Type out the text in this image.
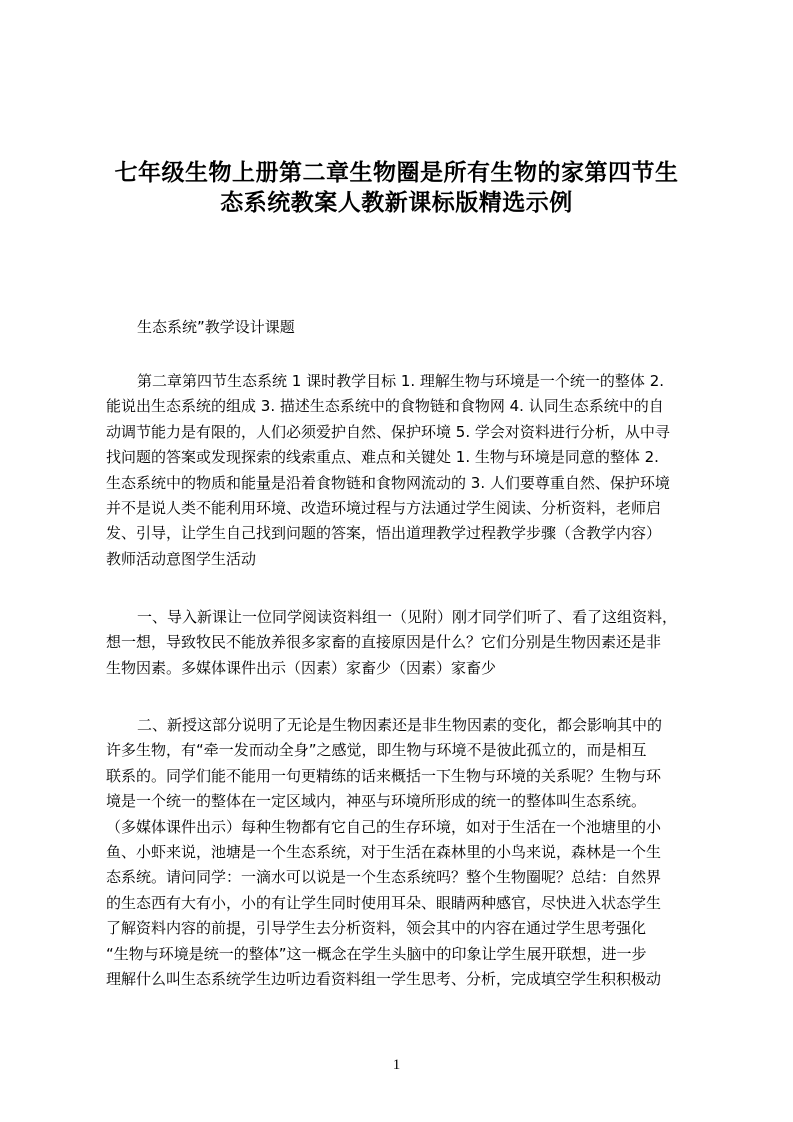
七年级生物上册第二章生物圈是所有生物的家第四节生
态系统教案人教新课标版精选示例
生态系统”教学设计课题
第二章第四节生态系统 1 课时教学目标 1. 理解生物与环境是一个统一的整体 2.
能说出生态系统的组成 3. 描述生态系统中的食物链和食物网 4. 认同生态系统中的自
动调节能力是有限的，人们必须爱护自然、保护环境 5. 学会对资料进行分析，从中寻
找问题的答案或发现探索的线索重点、难点和关键处 1. 生物与环境是同意的整体 2.
生态系统中的物质和能量是沿着食物链和食物网流动的 3. 人们要尊重自然、保护环境
并不是说人类不能利用环境、改造环境过程与方法通过学生阅读、分析资料，老师启
发、引导，让学生自己找到问题的答案，悟出道理教学过程教学步骤（含教学内容）
教师活动意图学生活动
一、导入新课让一位同学阅读资料组一（见附）刚才同学们听了、看了这组资料，
想一想，导致牧民不能放养很多家畜的直接原因是什么？它们分别是生物因素还是非
生物因素。多媒体课件出示（因素）家畜少（因素）家畜少
二、新授这部分说明了无论是生物因素还是非生物因素的变化，都会影响其中的
许多生物，有“牵一发而动全身”之感觉，即生物与环境不是彼此孤立的，而是相互
联系的。同学们能不能用一句更精练的话来概括一下生物与环境的关系呢？生物与环
境是一个统一的整体在一定区域内，神巫与环境所形成的统一的整体叫生态系统。
（多媒体课件出示）每种生物都有它自己的生存环境，如对于生活在一个池塘里的小
鱼、小虾来说，池塘是一个生态系统，对于生活在森林里的小鸟来说，森林是一个生
态系统。请问同学：一滴水可以说是一个生态系统吗？整个生物圈呢？总结：自然界
的生态西有大有小，小的有让学生同时使用耳朵、眼睛两种感官，尽快进入状态学生
了解资料内容的前提，引导学生去分析资料，领会其中的内容在通过学生思考强化
“生物与环境是统一的整体”这一概念在学生头脑中的印象让学生展开联想，进一步
理解什么叫生态系统学生边听边看资料组一学生思考、分析，完成填空学生积积极动
1
